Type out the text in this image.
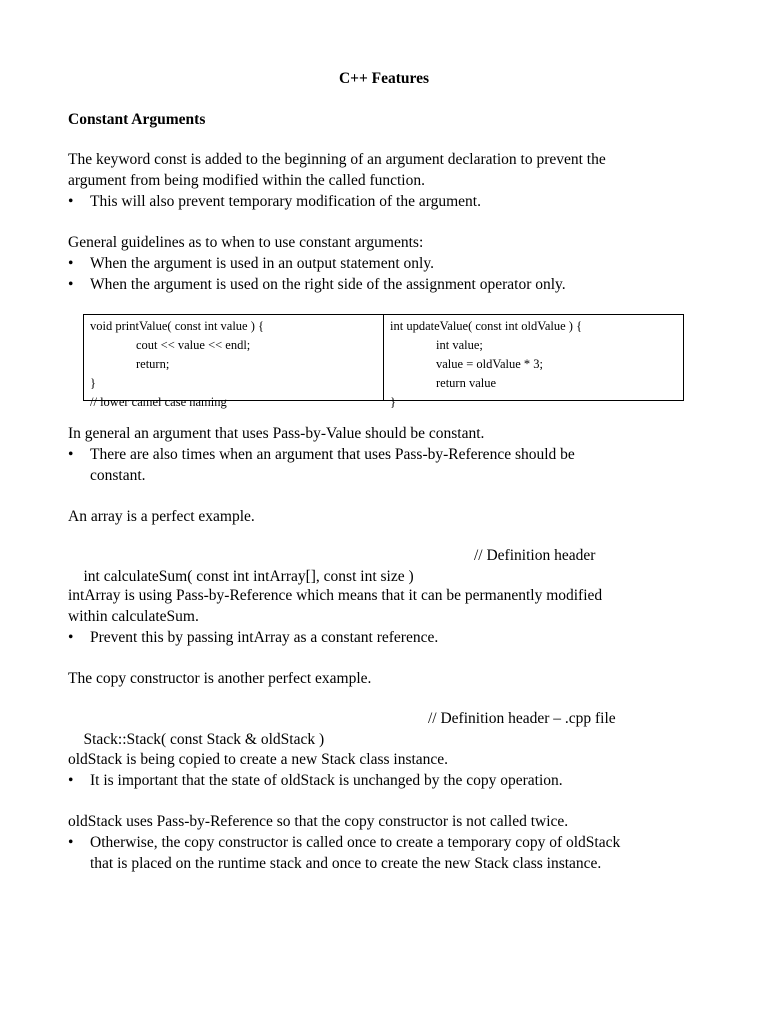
C++ Features
Constant Arguments

The keyword const is added to the beginning of an argument declaration to prevent the
argument from being modified within the called function.

•	This will also prevent temporary modification of the argument.

General guidelines as to when to use constant arguments:

•	When the argument is used in an output statement only.
•	When the argument is used on the right side of the assignment operator only.
void printValue( const int value ) {
cout << value << endl;
return;
}
// lower camel case naming
int updateValue( const int oldValue ) {
int value;
value = oldValue * 3;
return value
}

In general an argument that uses Pass-by-Value should be constant.

•	There are also times when an argument that uses Pass-by-Reference should be
constant.

An array is a perfect example.

int calculateSum( const int intArray[], const int size )

// Definition header

intArray is using Pass-by-Reference which means that it can be permanently modified
within calculateSum.

•	Prevent this by passing intArray as a constant reference.

The copy constructor is another perfect example.

Stack::Stack( const Stack & oldStack )

// Definition header – .cpp file

oldStack is being copied to create a new Stack class instance.

•	It is important that the state of oldStack is unchanged by the copy operation.

oldStack uses Pass-by-Reference so that the copy constructor is not called twice.

•	Otherwise, the copy constructor is called once to create a temporary copy of oldStack
that is placed on the runtime stack and once to create the new Stack class instance.
